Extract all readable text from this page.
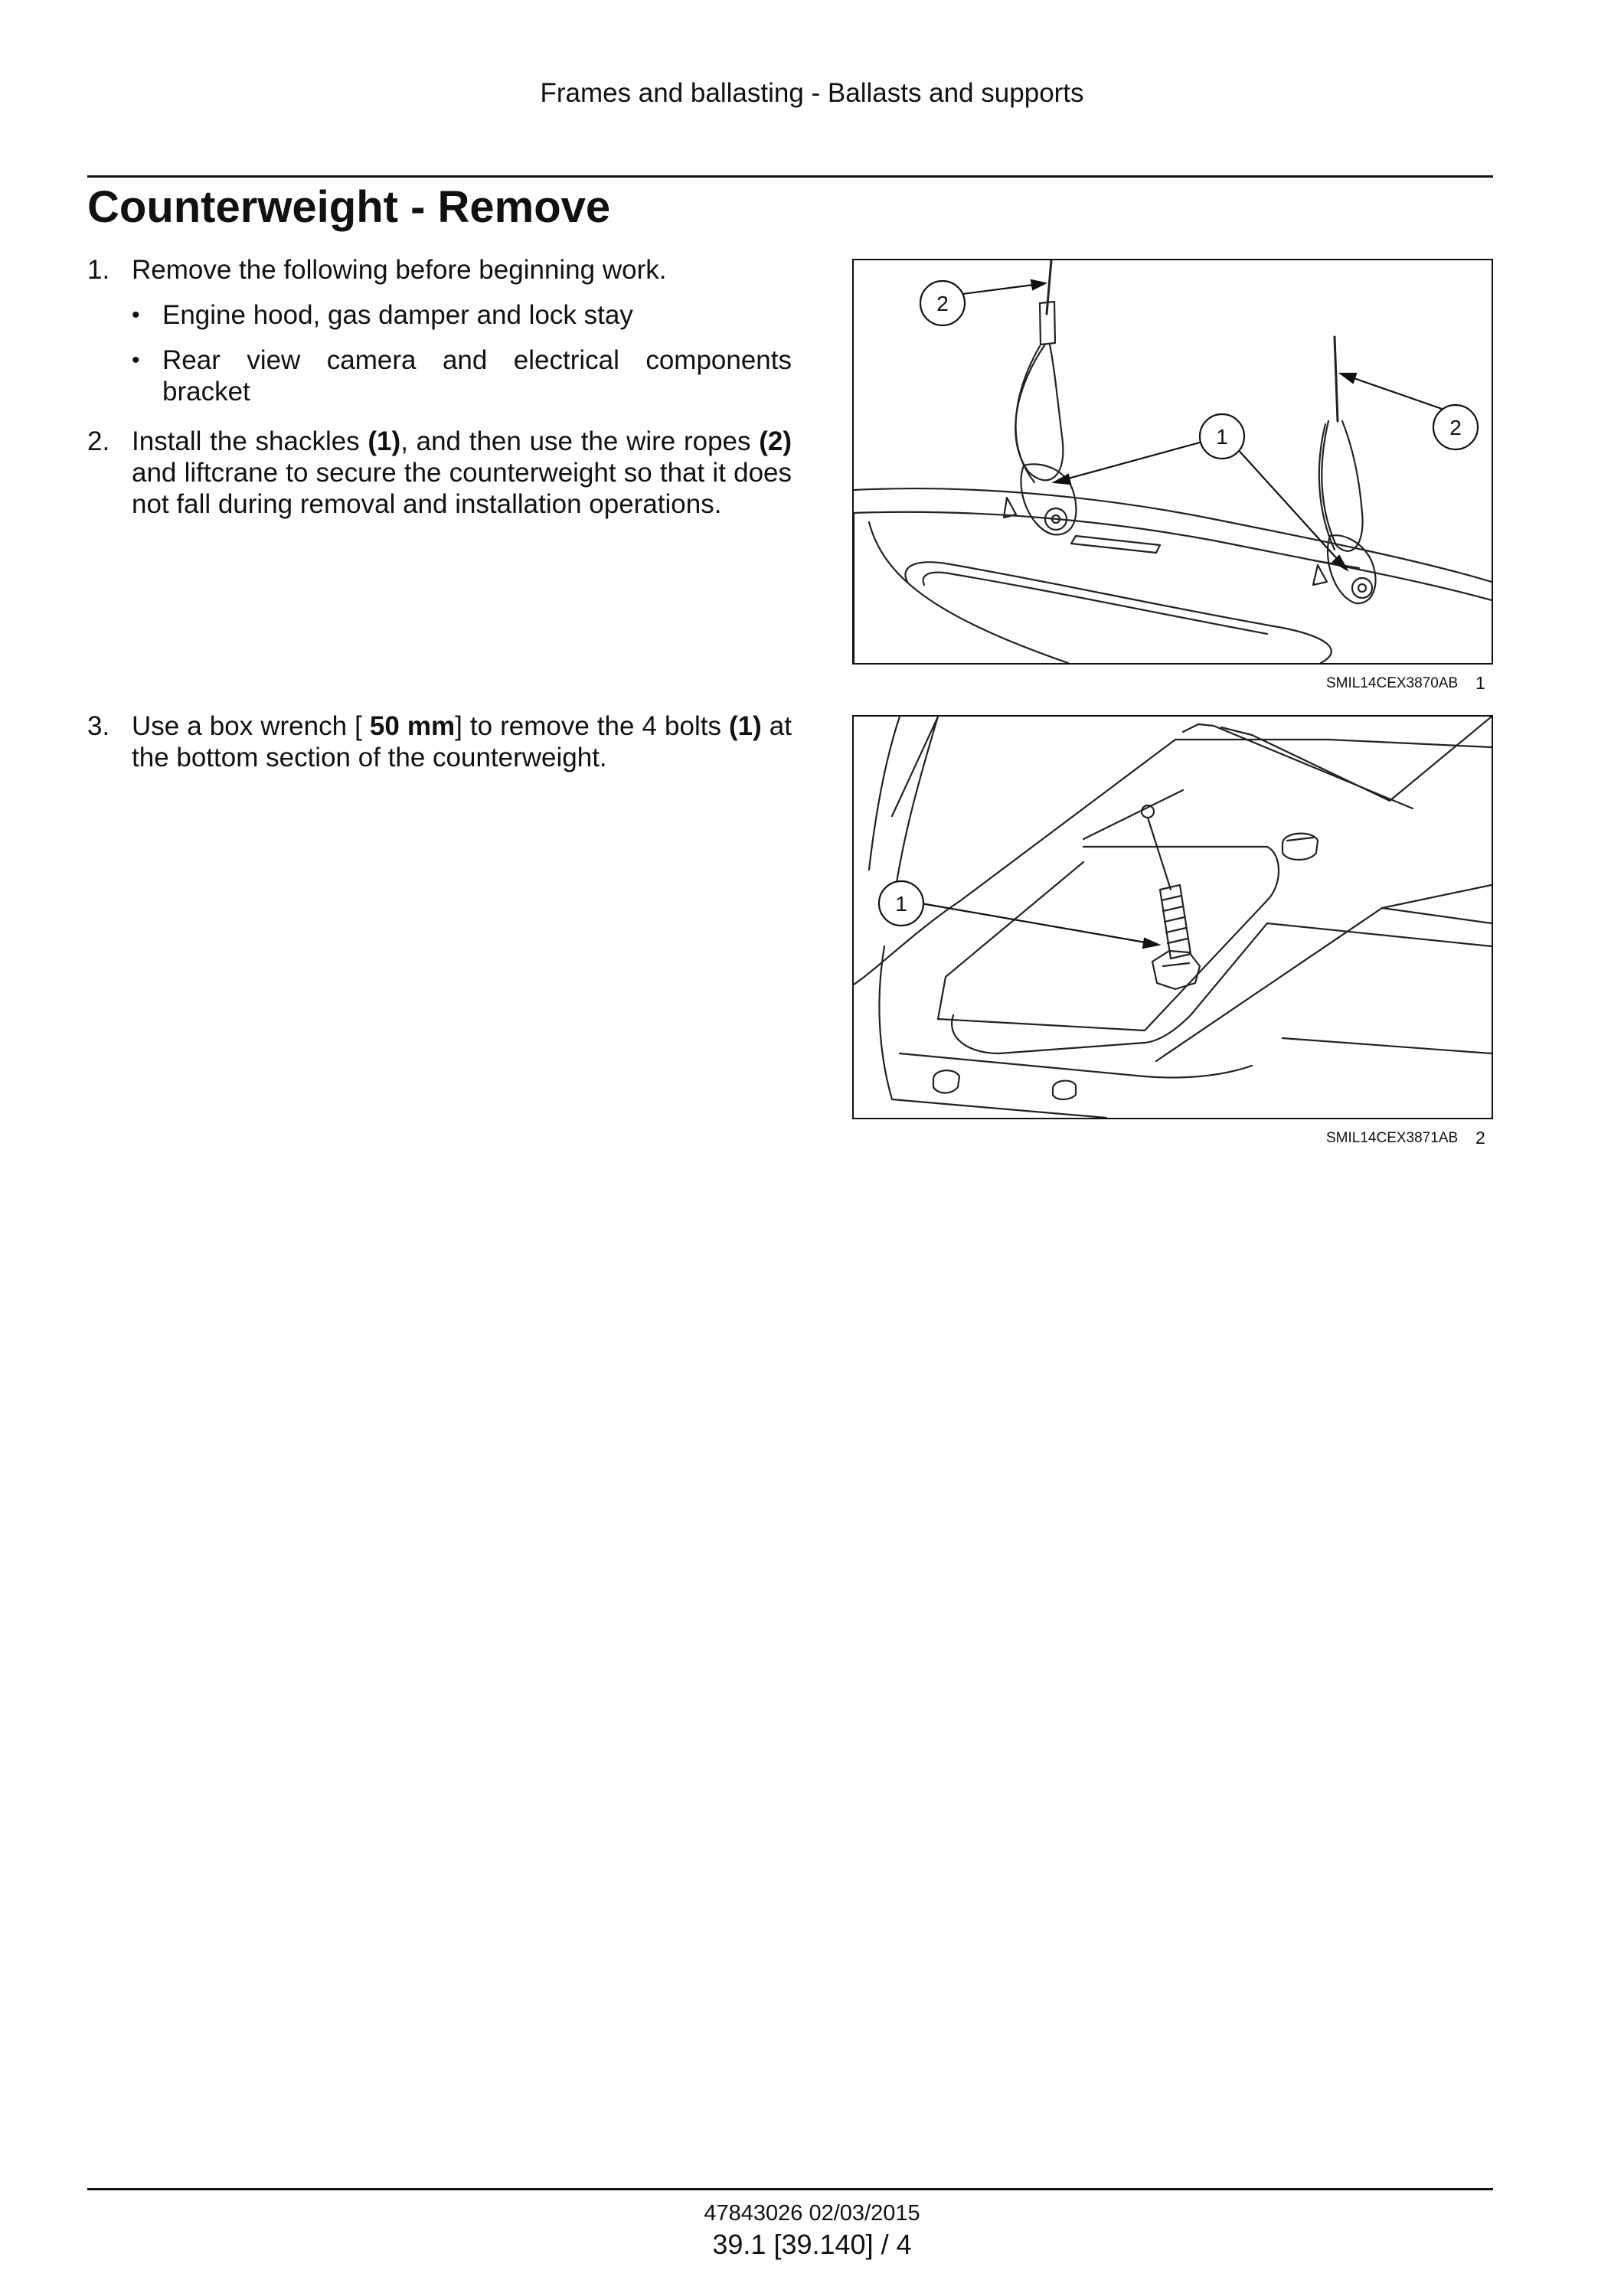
Frames and ballasting - Ballasts and supports
Counterweight - Remove
1. Remove the following before beginning work.
• Engine hood, gas damper and lock stay
• Rear view camera and electrical components
bracket
2. Install the shackles (1), and then use the wire ropes (2) and liftcrane to secure the counterweight so that it does not fall during removal and installation operations.
3. Use a box wrench [ 50 mm] to remove the 4 bolts (1) at the bottom section of the counterweight.
2
1	2
SMIL14CEX3870AB 1
1
SMIL14CEX3871AB 2
47843026 02/03/2015
39.1 [39.140] / 4
